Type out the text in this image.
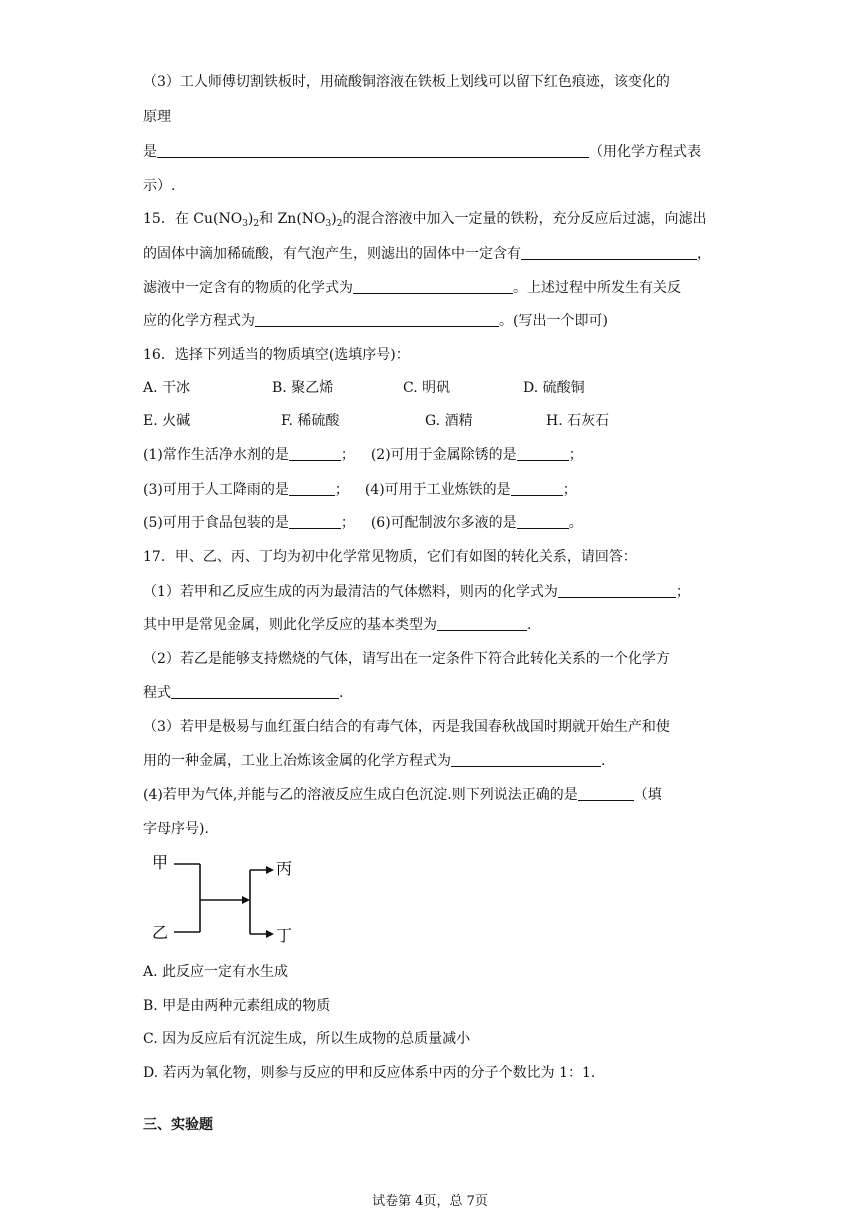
（3）工人师傅切割铁板时，用硫酸铜溶液在铁板上划线可以留下红色痕迹，该变化的
原理
是	（用化学方程式表
示）.
15．在 $Cu(NO_3)_2$和 $Zn(NO_3)_2$的混合溶液中加入一定量的铁粉，充分反应后过滤，向滤出
的固体中滴加稀硫酸，有气泡产生，则滤出的固体中一定含有	，
滤液中一定含有的物质的化学式为	。上述过程中所发生有关反
应的化学方程式为	。(写出一个即可)
16．选择下列适当的物质填空(选填序号)：
A. 干冰	B. 聚乙烯	C. 明矾	D. 硫酸铜
E. 火碱	F. 稀硫酸	G. 酒精	H. 石灰石
(1)常作生活净水剂的是	； (2)可用于金属除锈的是	；
(3)可用于人工降雨的是	； (4)可用于工业炼铁的是	；
(5)可用于食品包装的是	； (6)可配制波尔多液的是	。
17．甲、乙、丙、丁均为初中化学常见物质，它们有如图的转化关系，请回答：
（1）若甲和乙反应生成的丙为最清洁的气体燃料，则丙的化学式为	；
其中甲是常见金属，则此化学反应的基本类型为	.
（2）若乙是能够支持燃烧的气体，请写出在一定条件下符合此转化关系的一个化学方
程式	.
（3）若甲是极易与血红蛋白结合的有毒气体，丙是我国春秋战国时期就开始生产和使
用的一种金属，工业上冶炼该金属的化学方程式为	.
(4)若甲为气体,并能与乙的溶液反应生成白色沉淀.则下列说法正确的是	（填
字母序号).
甲
乙
丙
丁
A. 此反应一定有水生成
B. 甲是由两种元素组成的物质
C. 因为反应后有沉淀生成，所以生成物的总质量减小
D. 若丙为氧化物，则参与反应的甲和反应体系中丙的分子个数比为 1：1.
三、实验题
试卷第 4页，总 7页
